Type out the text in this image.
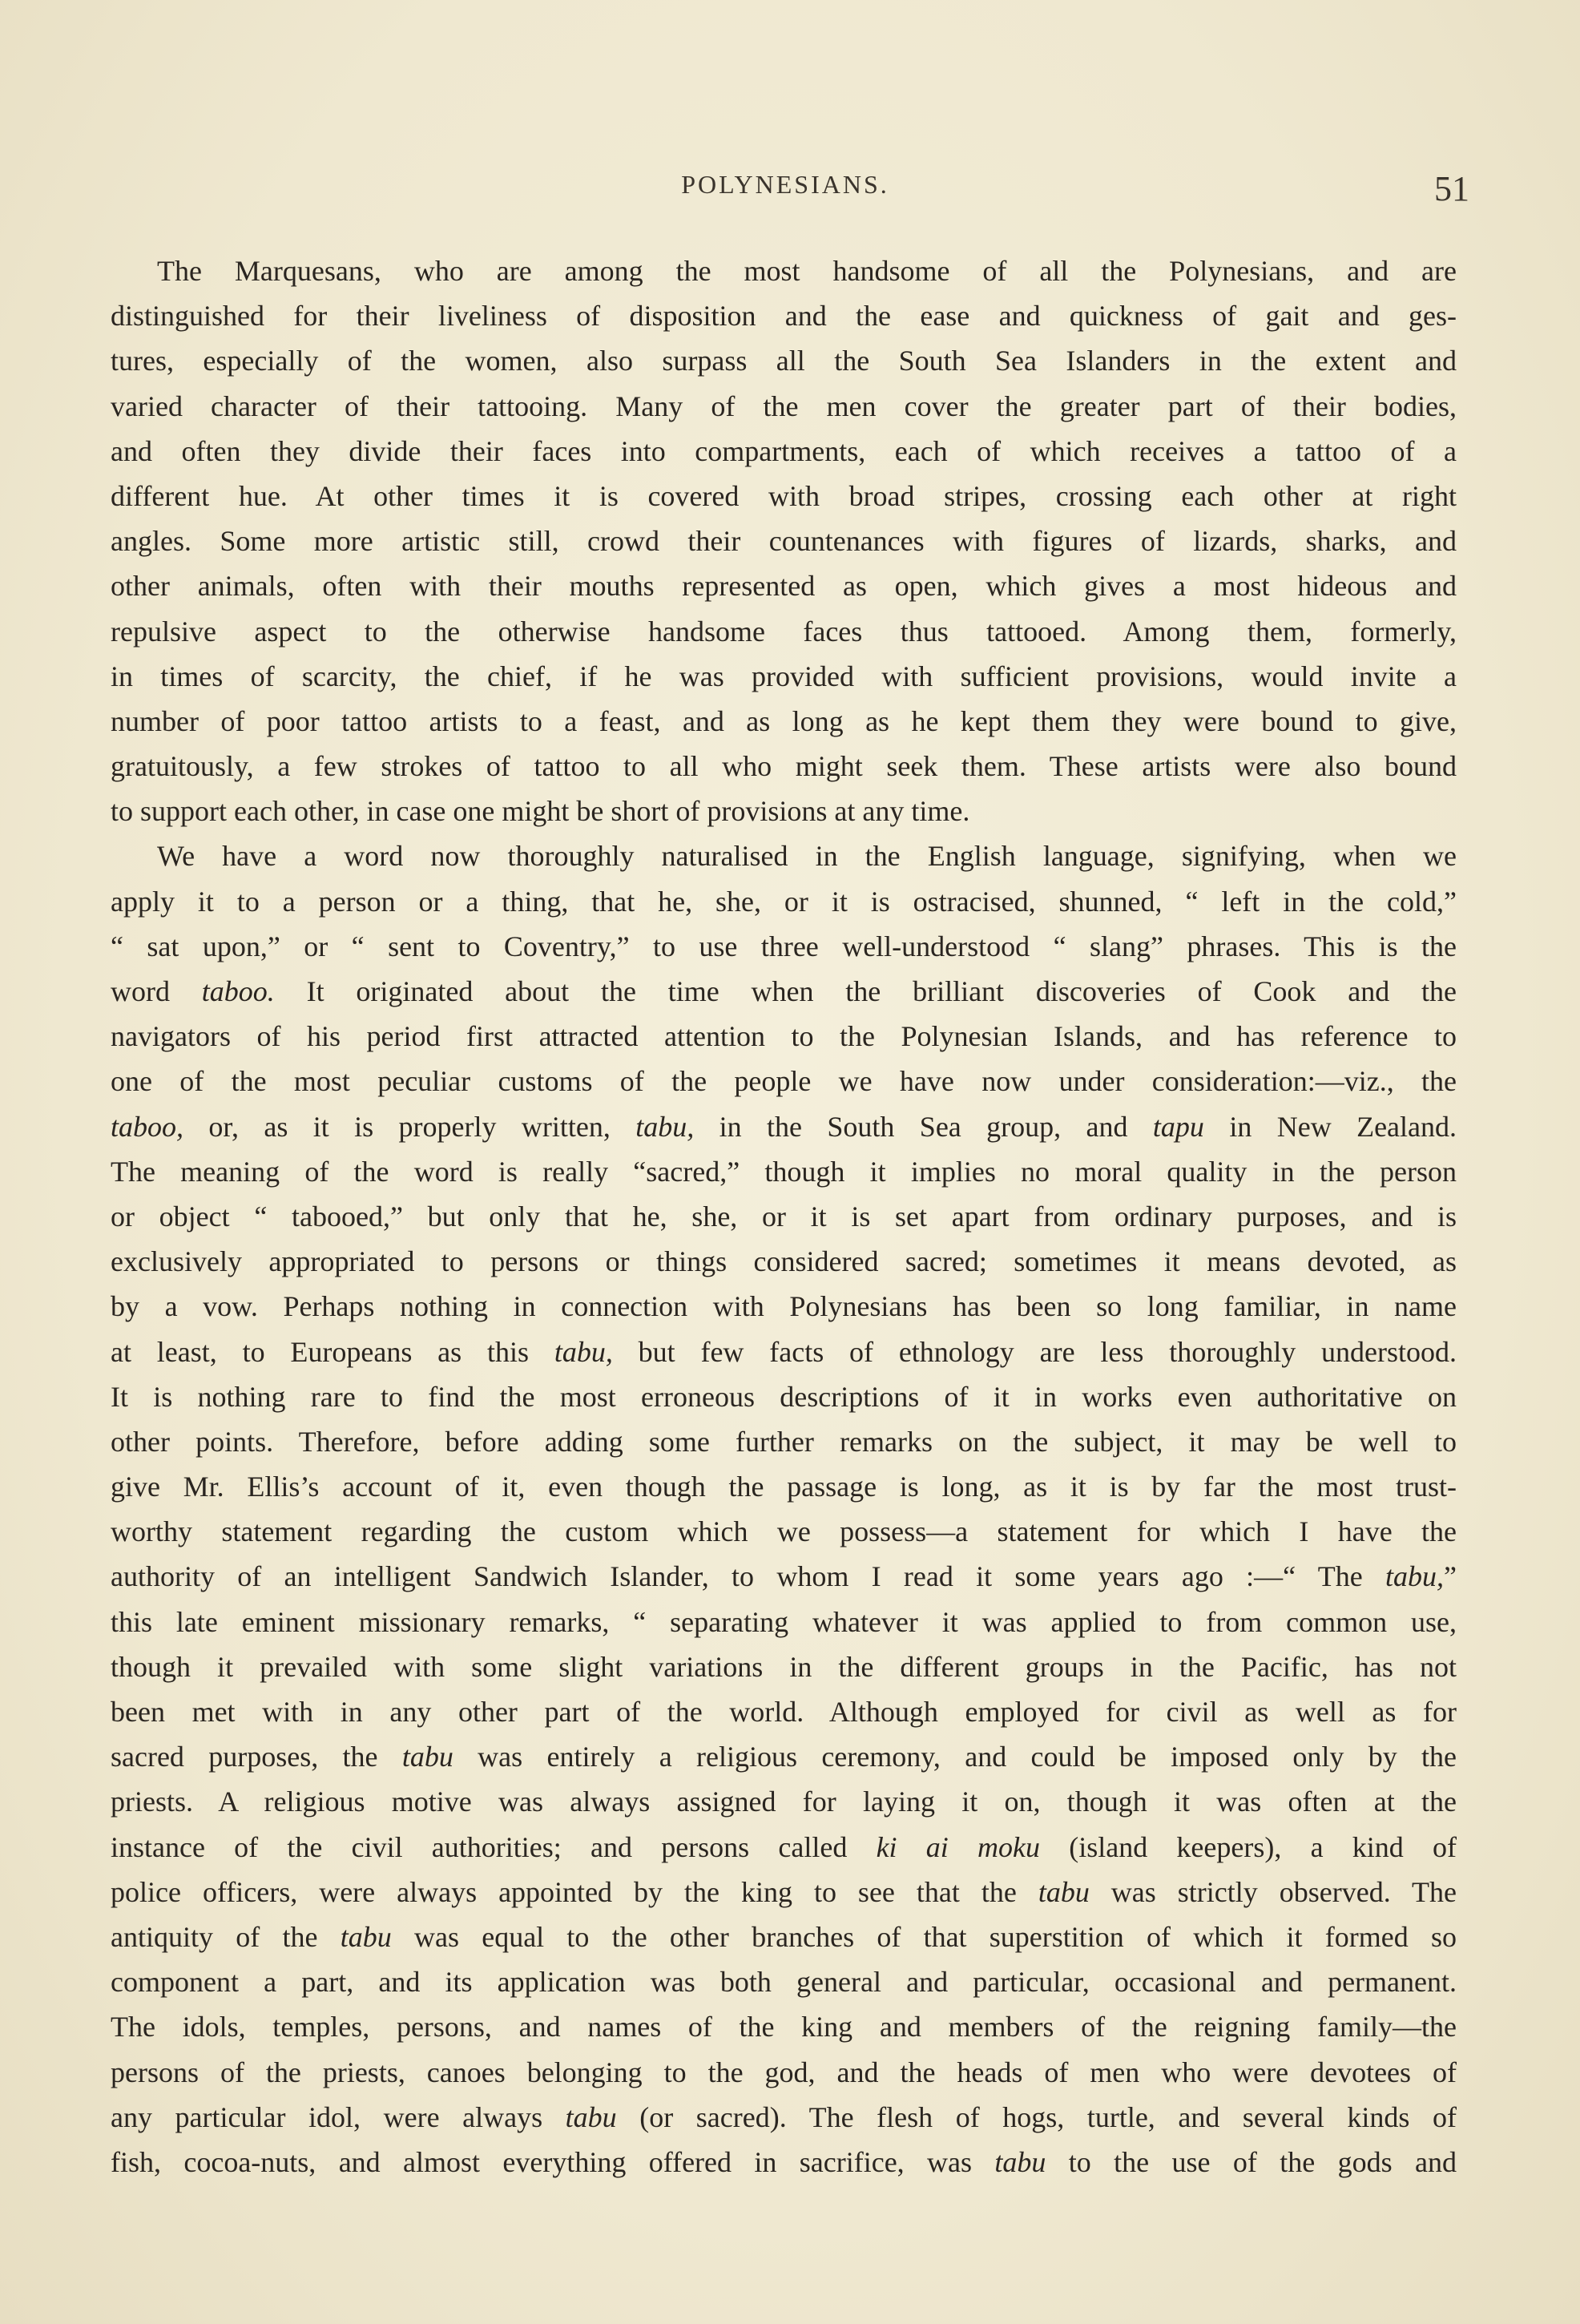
POLYNESIANS.	51
The Marquesans, who are among the most handsome of all the Polynesians, and are
distinguished for their liveliness of disposition and the ease and quickness of gait and ges-
tures, especially of the women, also surpass all the South Sea Islanders in the extent and
varied character of their tattooing. Many of the men cover the greater part of their bodies,
and often they divide their faces into compartments, each of which receives a tattoo of a
different hue. At other times it is covered with broad stripes, crossing each other at right
angles. Some more artistic still, crowd their countenances with figures of lizards, sharks, and
other animals, often with their mouths represented as open, which gives a most hideous and
repulsive aspect to the otherwise handsome faces thus tattooed. Among them, formerly,
in times of scarcity, the chief, if he was provided with sufficient provisions, would invite a
number of poor tattoo artists to a feast, and as long as he kept them they were bound to give,
gratuitously, a few strokes of tattoo to all who might seek them. These artists were also bound
to support each other, in case one might be short of provisions at any time.
We have a word now thoroughly naturalised in the English language, signifying, when we
apply it to a person or a thing, that he, she, or it is ostracised, shunned, “ left in the cold,”
“ sat upon,” or “ sent to Coventry,” to use three well-understood “ slang” phrases. This is the
word taboo. It originated about the time when the brilliant discoveries of Cook and the
navigators of his period first attracted attention to the Polynesian Islands, and has reference to
one of the most peculiar customs of the people we have now under consideration:—viz., the
taboo, or, as it is properly written, tabu, in the South Sea group, and tapu in New Zealand.
The meaning of the word is really “sacred,” though it implies no moral quality in the person
or object “ tabooed,” but only that he, she, or it is set apart from ordinary purposes, and is
exclusively appropriated to persons or things considered sacred; sometimes it means devoted, as
by a vow. Perhaps nothing in connection with Polynesians has been so long familiar, in name
at least, to Europeans as this tabu, but few facts of ethnology are less thoroughly understood.
It is nothing rare to find the most erroneous descriptions of it in works even authoritative on
other points. Therefore, before adding some further remarks on the subject, it may be well to
give Mr. Ellis’s account of it, even though the passage is long, as it is by far the most trust-
worthy statement regarding the custom which we possess—a statement for which I have the
authority of an intelligent Sandwich Islander, to whom I read it some years ago :—“ The tabu,”
this late eminent missionary remarks, “ separating whatever it was applied to from common use,
though it prevailed with some slight variations in the different groups in the Pacific, has not
been met with in any other part of the world. Although employed for civil as well as for
sacred purposes, the tabu was entirely a religious ceremony, and could be imposed only by the
priests. A religious motive was always assigned for laying it on, though it was often at the
instance of the civil authorities; and persons called ki ai moku (island keepers), a kind of
police officers, were always appointed by the king to see that the tabu was strictly observed. The
antiquity of the tabu was equal to the other branches of that superstition of which it formed so
component a part, and its application was both general and particular, occasional and permanent.
The idols, temples, persons, and names of the king and members of the reigning family—the
persons of the priests, canoes belonging to the god, and the heads of men who were devotees of
any particular idol, were always tabu (or sacred). The flesh of hogs, turtle, and several kinds of
fish, cocoa-nuts, and almost everything offered in sacrifice, was tabu to the use of the gods and
